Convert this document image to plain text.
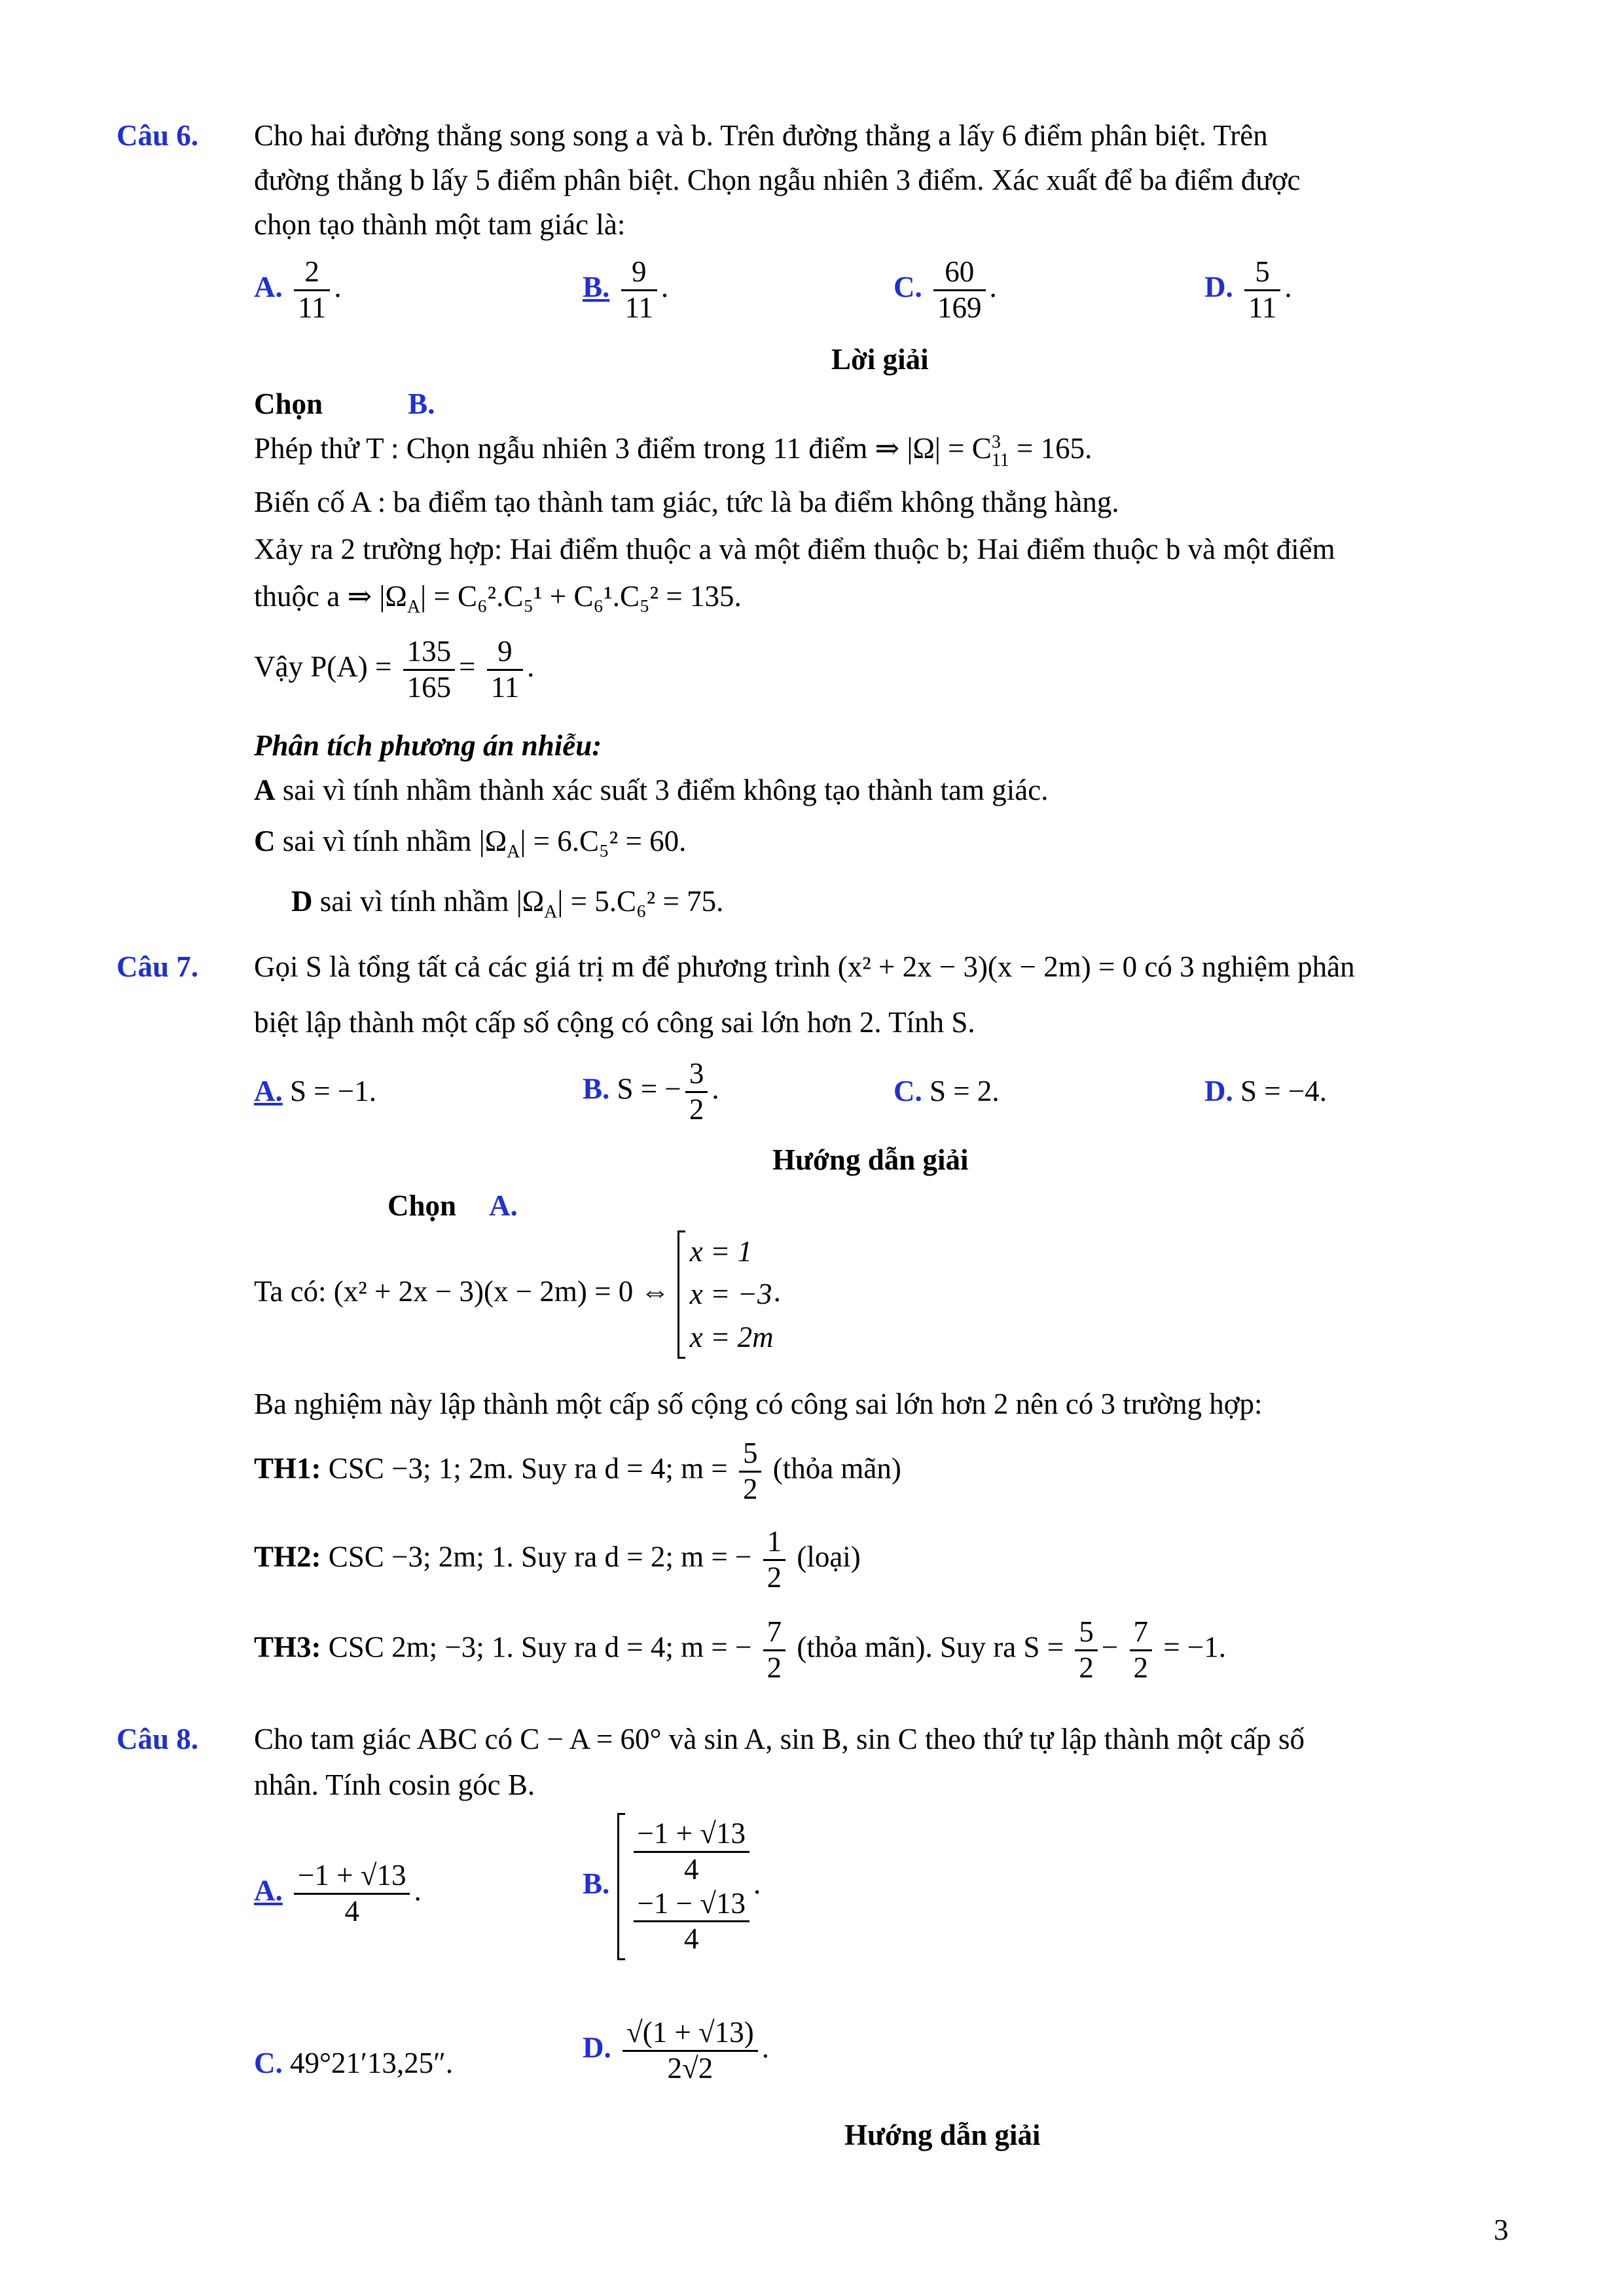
Câu 6. Cho hai đường thẳng song song a và b. Trên đường thẳng a lấy 6 điểm phân biệt. Trên
đường thẳng b lấy 5 điểm phân biệt. Chọn ngẫu nhiên 3 điểm. Xác xuất để ba điểm được
chọn tạo thành một tam giác là:
A. $\frac{2}{11}$ .	B. $\frac{9}{11}$ .	C. $\frac{60}{169}$ .	D. $\frac{5}{11}$ .
Lời giải
Chọn	B.
Phép thử T : Chọn ngẫu nhiên 3 điểm trong 11 điểm ⇒ |Ω| = C 3
11 = 165.
Biến cố A : ba điểm tạo thành tam giác, tức là ba điểm không thẳng hàng.
Xảy ra 2 trường hợp: Hai điểm thuộc a và một điểm thuộc b; Hai điểm thuộc b và một điểm
thuộc a ⇒ $|\Omega_A| = C_6^2.C_5^1 + C_6^1.C_5^2 = 135$.
Vậy $P(A) = \frac{135}{165} = \frac{9}{11}$ .
Phân tích phương án nhiễu:
A sai vì tính nhầm thành xác suất 3 điểm không tạo thành tam giác.
C sai vì tính nhầm $|\Omega_A| = 6.C_5^2 = 60$.
D sai vì tính nhầm $|\Omega_A| = 5.C_6^2 = 75$.
Câu 7. Gọi S là tổng tất cả các giá trị m để phương trình (x² + 2x − 3)(x − 2m) = 0 có 3 nghiệm phân
biệt lập thành một cấp số cộng có công sai lớn hơn 2. Tính S.
A. S = −1.	B. S = − $\frac{3}{2}$ .	C. S = 2.	D. S = −4.
Hướng dẫn giải
Chọn A.
Ta có: (x² + 2x − 3)(x − 2m) = 0 ⇔
x = 1
x = −3
x = 2m
.
Ba nghiệm này lập thành một cấp số cộng có công sai lớn hơn 2 nên có 3 trường hợp:
TH1: CSC −3; 1; 2m. Suy ra d = 4; $m = \frac{5}{2}$ (thỏa mãn)
TH2: CSC −3; 2m; 1. Suy ra d = 2; m = − $\frac{1}{2}$ (loại)
TH3: CSC 2m; −3; 1. Suy ra d = 4; m = − $\frac{7}{2}$ (thỏa mãn). Suy ra $S = \frac{5}{2} - \frac{7}{2} = -1$.
Câu 8. Cho tam giác ABC có C − A = 60° và sin A, sin B, sin C theo thứ tự lập thành một cấp số
nhân. Tính cosin góc B.
A. $\frac{-1 + √13}{4}$ .	B. $\frac{-1 + √13}{4}$
$\frac{-1 - √13}{4}$
.
C. 49°21′13,25″.	D. $\frac{√(1 + √13)}{2√2}$ .
Hướng dẫn giải
3
